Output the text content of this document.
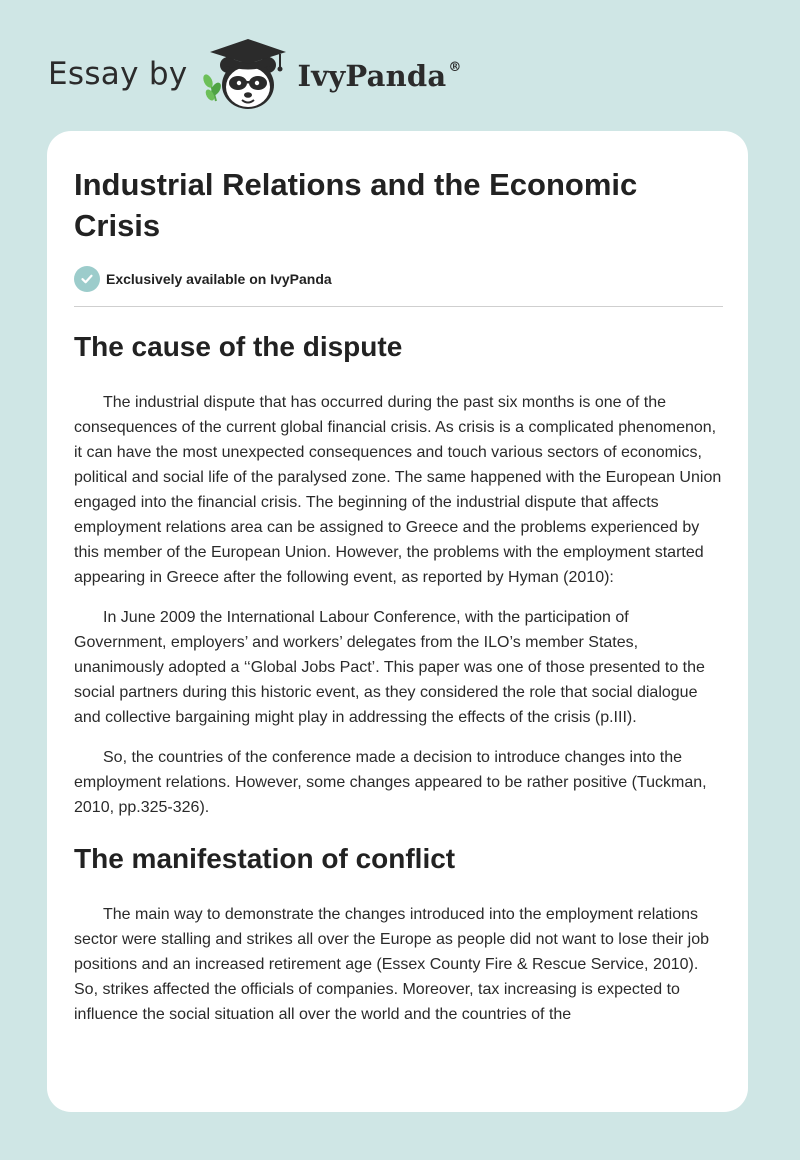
Essay by	IvyPanda ®
Industrial Relations and the Economic Crisis
Exclusively available on IvyPanda
The cause of the dispute

The industrial dispute that has occurred during the past six months is one of the consequences of the current global financial crisis. As crisis is a complicated phenomenon, it can have the most unexpected consequences and touch various sectors of economics, political and social life of the paralysed zone. The same happened with the European Union engaged into the financial crisis. The beginning of the industrial dispute that affects employment relations area can be assigned to Greece and the problems experienced by this member of the European Union. However, the problems with the employment started appearing in Greece after the following event, as reported by Hyman (2010):

In June 2009 the International Labour Conference, with the participation of Government, employers’ and workers’ delegates from the ILO’s member States, unanimously adopted a ‘‘Global Jobs Pact’. This paper was one of those presented to the social partners during this historic event, as they considered the role that social dialogue and collective bargaining might play in addressing the effects of the crisis (p.III).

So, the countries of the conference made a decision to introduce changes into the employment relations. However, some changes appeared to be rather positive (Tuckman, 2010, pp.325-326).

The manifestation of conflict

The main way to demonstrate the changes introduced into the employment relations sector were stalling and strikes all over the Europe as people did not want to lose their job positions and an increased retirement age (Essex County Fire & Rescue Service, 2010). So, strikes affected the officials of companies. Moreover, tax increasing is expected to influence the social situation all over the world and the countries of the
